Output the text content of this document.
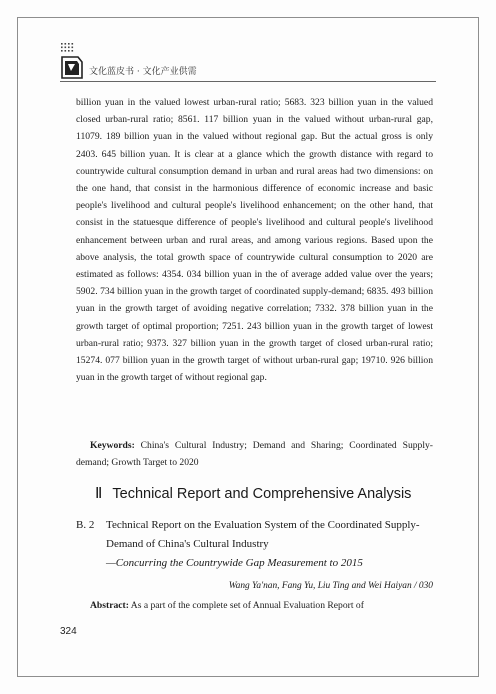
文化蓝皮书 · 文化产业供需

billion yuan in the valued lowest urban-rural ratio; 5683. 323 billion yuan in the valued closed urban-rural ratio; 8561. 117 billion yuan in the valued without urban-rural gap, 11079. 189 billion yuan in the valued without regional gap. But the actual gross is only 2403. 645 billion yuan. It is clear at a glance which the growth distance with regard to countrywide cultural consumption demand in urban and rural areas had two dimensions: on the one hand, that consist in the harmonious difference of economic increase and basic people's livelihood and cultural people's livelihood enhancement; on the other hand, that consist in the statuesque difference of people's livelihood and cultural people's livelihood enhancement between urban and rural areas, and among various regions. Based upon the above analysis, the total growth space of countrywide cultural consumption to 2020 are estimated as follows: 4354. 034 billion yuan in the of average added value over the years; 5902. 734 billion yuan in the growth target of coordinated supply-demand; 6835. 493 billion yuan in the growth target of avoiding negative correlation; 7332. 378 billion yuan in the growth target of optimal proportion; 7251. 243 billion yuan in the growth target of lowest urban-rural ratio; 9373. 327 billion yuan in the growth target of closed urban-rural ratio; 15274. 077 billion yuan in the growth target of without urban-rural gap; 19710. 926 billion yuan in the growth target of without regional gap.

Keywords: China's Cultural Industry; Demand and Sharing; Coordinated Supply-demand; Growth Target to 2020

Ⅱ Technical Report and Comprehensive Analysis
B. 2 Technical Report on the Evaluation System of the Coordinated Supply-Demand of China's Cultural Industry
—Concurring the Countrywide Gap Measurement to 2015
Wang Ya'nan, Fang Yu, Liu Ting and Wei Haiyan / 030

Abstract: As a part of the complete set of Annual Evaluation Report of

324
